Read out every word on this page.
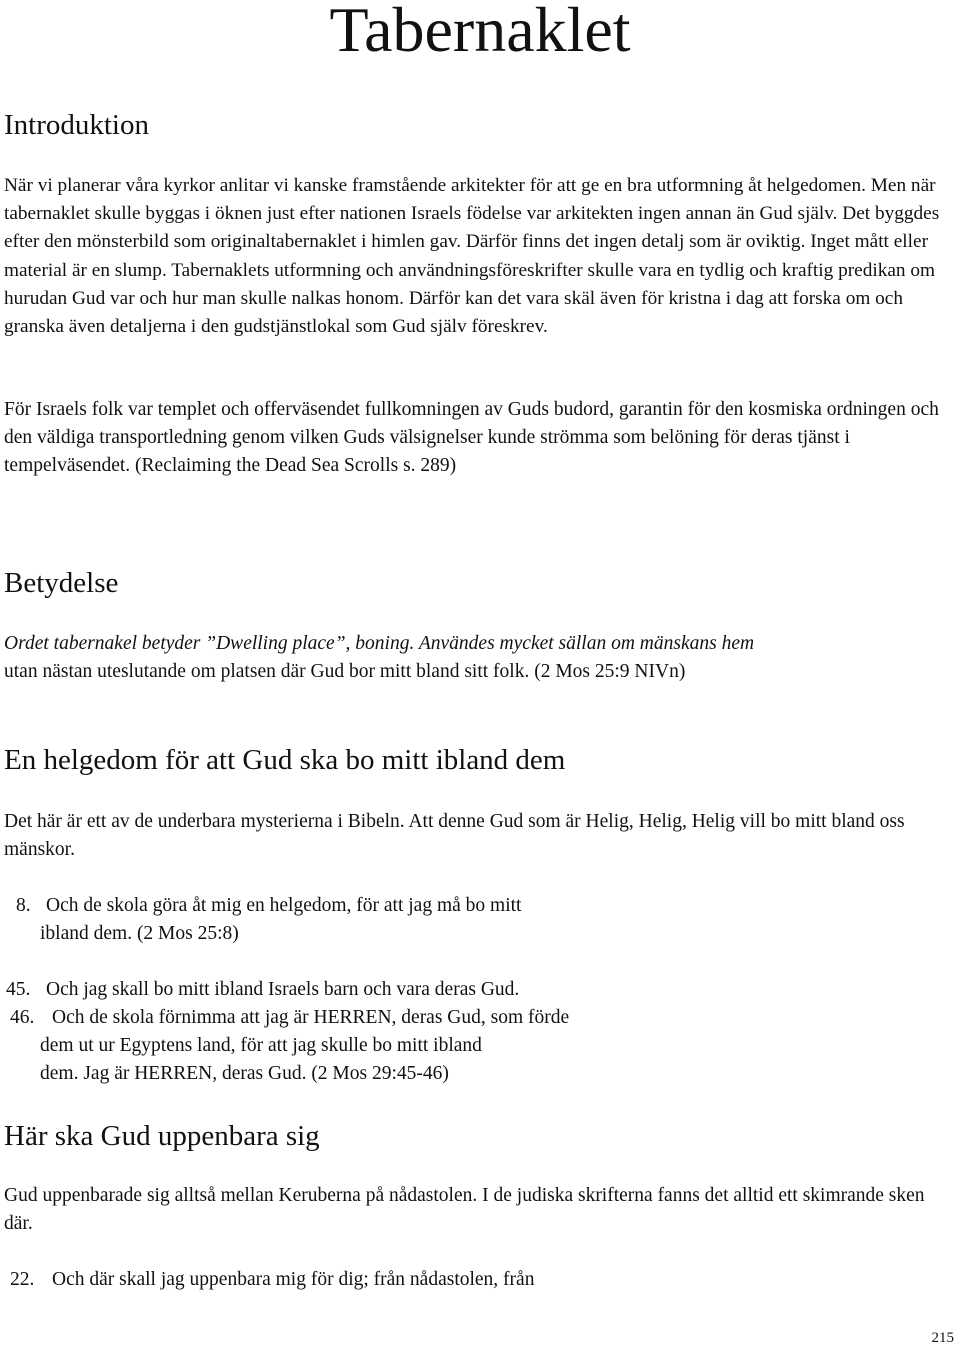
Tabernaklet
Introduktion

När vi planerar våra kyrkor anlitar vi kanske framstående arkitekter för att ge en bra utformning åt helgedomen. Men när tabernaklet skulle byggas i öknen just efter nationen Israels födelse var arkitekten ingen annan än Gud själv. Det byggdes efter den mönsterbild som originaltabernaklet i himlen gav. Därför finns det ingen detalj som är oviktig. Inget mått eller material är en slump. Tabernaklets utformning och användningsföreskrifter skulle vara en tydlig och kraftig predikan om hurudan Gud var och hur man skulle nalkas honom. Därför kan det vara skäl även för kristna i dag att forska om och granska även detaljerna i den gudstjänstlokal som Gud själv föreskrev.

För Israels folk var templet och offerväsendet fullkomningen av Guds budord, garantin för den kosmiska ordningen och den väldiga transportledning genom vilken Guds välsignelser kunde strömma som belöning för deras tjänst i tempelväsendet. (Reclaiming the Dead Sea Scrolls s. 289)

Betydelse

Ordet tabernakel betyder ”Dwelling place”, boning. Användes mycket sällan om mänskans hem

utan nästan uteslutande om platsen där Gud bor mitt bland sitt folk. (2 Mos 25:9 NIVn)

En helgedom för att Gud ska bo mitt ibland dem

Det här är ett av de underbara mysterierna i Bibeln. Att denne Gud som är Helig, Helig, Helig vill bo mitt bland oss mänskor.

8. Och de skola göra åt mig en helgedom, för att jag må bo mitt
ibland dem. (2 Mos 25:8)
45. Och jag skall bo mitt ibland Israels barn och vara deras Gud.
46. Och de skola förnimma att jag är HERREN, deras Gud, som förde
dem ut ur Egyptens land, för att jag skulle bo mitt ibland
dem. Jag är HERREN, deras Gud. (2 Mos 29:45-46)
Här ska Gud uppenbara sig

Gud uppenbarade sig alltså mellan Keruberna på nådastolen. I de judiska skrifterna fanns det alltid ett skimrande sken där.

22. Och där skall jag uppenbara mig för dig; från nådastolen, från
215
